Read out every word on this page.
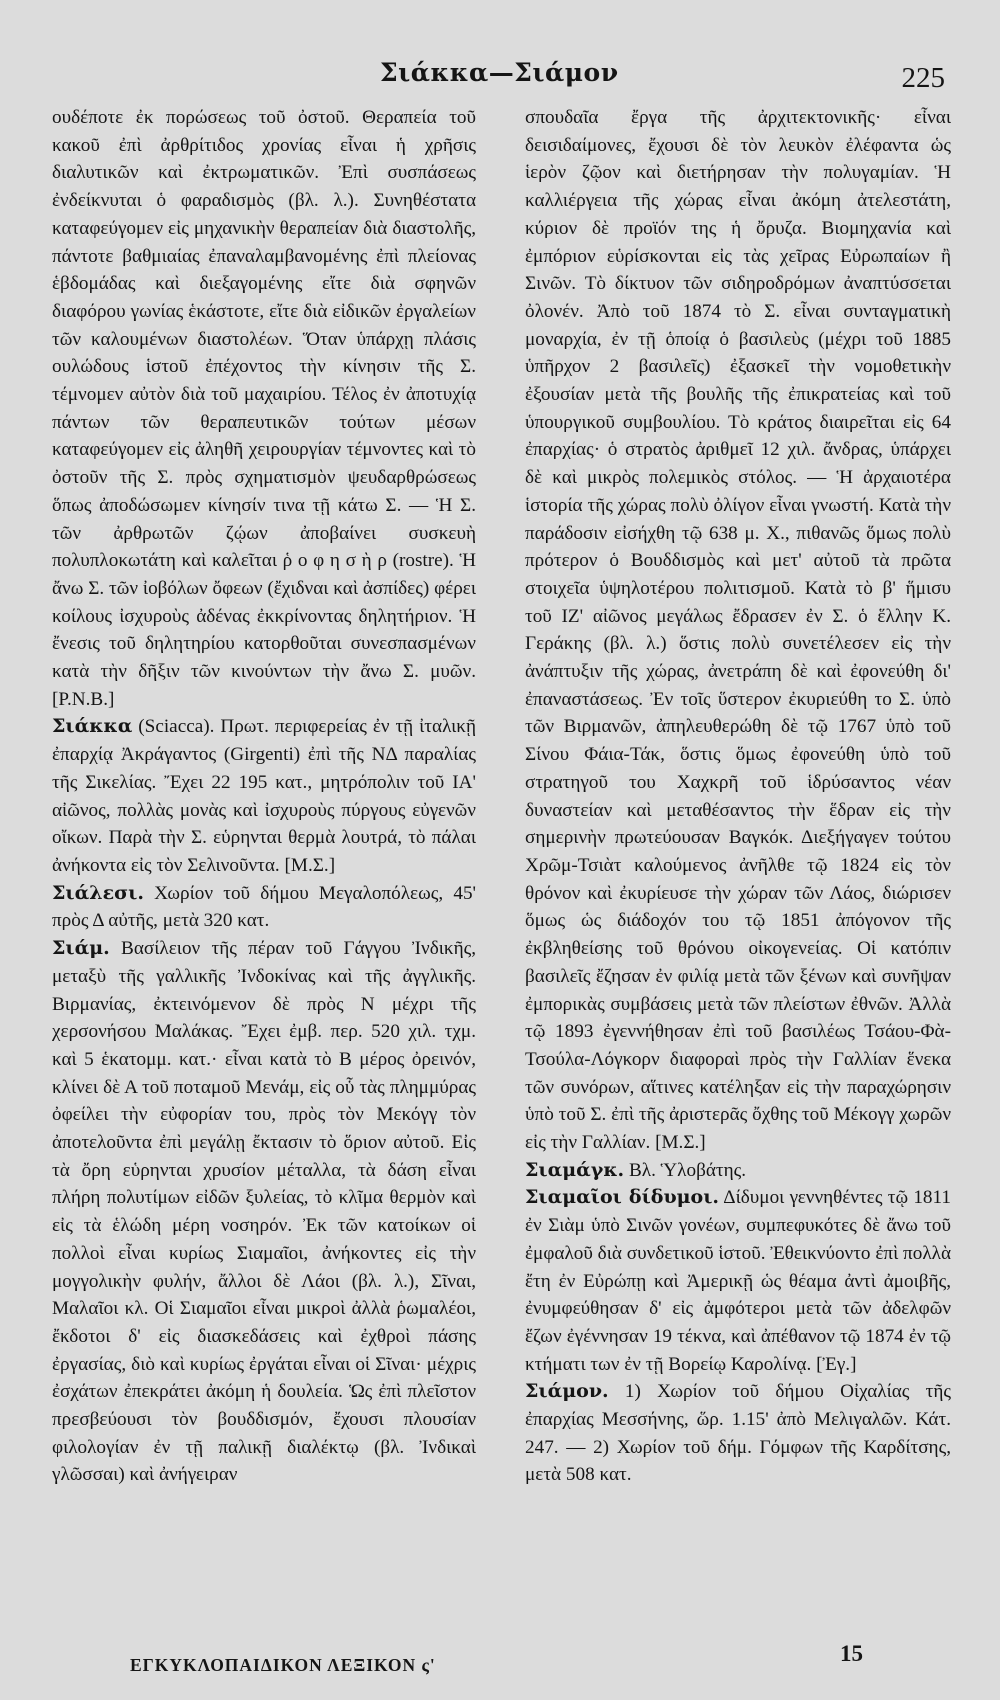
Σιάκκα—Σιάμον	225

ουδέποτε ἐκ πορώσεως τοῦ ὀστοῦ. Θεραπεία τοῦ κακοῦ ἐπὶ ἀρθρίτιδος χρονίας εἶναι ἡ χρῆσις διαλυτικῶν καὶ ἐκτρωματικῶν. Ἐπὶ συσπάσεως ἐνδείκνυται ὁ φαραδισμὸς (βλ. λ.). Συνηθέστατα καταφεύγομεν εἰς μηχανικὴν θεραπείαν διὰ διαστολῆς, πάντοτε βαθμιαίας ἐπαναλαμβανομένης ἐπὶ πλείονας ἑβδομάδας καὶ διεξαγομένης εἴτε διὰ σφηνῶν διαφόρου γωνίας ἑκάστοτε, εἴτε διὰ εἰδικῶν ἐργαλείων τῶν καλουμένων διαστολέων. Ὅταν ὑπάρχῃ πλάσις ουλώδους ἱστοῦ ἐπέχοντος τὴν κίνησιν τῆς Σ. τέμνομεν αὐτὸν διὰ τοῦ μαχαιρίου. Τέλος ἐν ἀποτυχίᾳ πάντων τῶν θεραπευτικῶν τούτων μέσων καταφεύγομεν εἰς ἀληθῆ χειρουργίαν τέμνοντες καὶ τὸ ὀστοῦν τῆς Σ. πρὸς σχηματισμὸν ψευδαρθρώσεως ὅπως ἀποδώσωμεν κίνησίν τινα τῇ κάτω Σ. — Ἡ Σ. τῶν ἀρθρωτῶν ζῴων ἀποβαίνει συσκευὴ πολυπλοκωτάτη καὶ καλεῖται ῥ ο φ η σ ὴ ρ (rostre). Ἡ ἄνω Σ. τῶν ἰοβόλων ὄφεων (ἔχιδναι καὶ ἀσπίδες) φέρει κοίλους ἰσχυροὺς ἀδένας ἐκκρίνοντας δηλητήριον. Ἡ ἔνεσις τοῦ δηλητηρίου κατορθοῦται συνεσπασμένων κατὰ τὴν δῆξιν τῶν κινούντων τὴν ἄνω Σ. μυῶν. [Ρ.Ν.Β.]

Σιάκκα (Sciacca). Πρωτ. περιφερείας ἐν τῇ ἰταλικῇ ἐπαρχίᾳ Ἀκράγαντος (Girgenti) ἐπὶ τῆς ΝΔ παραλίας τῆς Σικελίας. Ἔχει 22 195 κατ., μητρόπολιν τοῦ ΙΑ' αἰῶνος, πολλὰς μονὰς καὶ ἰσχυροὺς πύργους εὐγενῶν οἴκων. Παρὰ τὴν Σ. εὑρηνται θερμὰ λουτρά, τὸ πάλαι ἀνήκοντα εἰς τὸν Σελινοῦντα. [Μ.Σ.]

Σιάλεσι. Χωρίον τοῦ δήμου Μεγαλοπόλεως, 45' πρὸς Δ αὐτῆς, μετὰ 320 κατ.

Σιάμ. Βασίλειον τῆς πέραν τοῦ Γάγγου Ἰνδικῆς, μεταξὺ τῆς γαλλικῆς Ἰνδοκίνας καὶ τῆς ἀγγλικῆς. Βιρμανίας, ἐκτεινόμενον δὲ πρὸς Ν μέχρι τῆς χερσονήσου Μαλάκας. Ἔχει ἐμβ. περ. 520 χιλ. τχμ. καὶ 5 ἑκατομμ. κατ.· εἶναι κατὰ τὸ Β μέρος ὀρεινόν, κλίνει δὲ Α τοῦ ποταμοῦ Μενάμ, εἰς οὗ τὰς πλημμύρας ὀφείλει τὴν εὐφορίαν του, πρὸς τὸν Μεκόγγ τὸν ἀποτελοῦντα ἐπὶ μεγάλῃ ἔκτασιν τὸ ὅριον αὐτοῦ. Εἰς τὰ ὄρη εὑρηνται χρυσίον μέταλλα, τὰ δάση εἶναι πλήρη πολυτίμων εἰδῶν ξυλείας, τὸ κλῖμα θερμὸν καὶ εἰς τὰ ἑλώδη μέρη νοσηρόν. Ἐκ τῶν κατοίκων οἱ πολλοὶ εἶναι κυρίως Σιαμαῖοι, ἀνήκοντες εἰς τὴν μογγολικὴν φυλήν, ἄλλοι δὲ Λάοι (βλ. λ.), Σῖναι, Μαλαῖοι κλ. Οἱ Σιαμαῖοι εἶναι μικροὶ ἀλλὰ ῥωμαλέοι, ἔκδοτοι δ' εἰς διασκεδάσεις καὶ ἐχθροὶ πάσης ἐργασίας, διὸ καὶ κυρίως ἐργάται εἶναι οἱ Σῖναι· μέχρις ἐσχάτων ἐπεκράτει ἀκόμη ἡ δουλεία. Ὡς ἐπὶ πλεῖστον πρεσβεύουσι τὸν βουδδισμόν, ἔχουσι πλουσίαν φιλολογίαν ἐν τῇ παλικῇ διαλέκτῳ (βλ. Ἰνδικαὶ γλῶσσαι) καὶ ἀνήγειραν

σπουδαῖα ἔργα τῆς ἀρχιτεκτονικῆς· εἶναι δεισιδαίμονες, ἔχουσι δὲ τὸν λευκὸν ἐλέφαντα ὡς ἱερὸν ζῷον καὶ διετήρησαν τὴν πολυγαμίαν. Ἡ καλλιέργεια τῆς χώρας εἶναι ἀκόμη ἀτελεστάτη, κύριον δὲ προϊόν της ἡ ὄρυζα. Βιομηχανία καὶ ἐμπόριον εὑρίσκονται εἰς τὰς χεῖρας Εὐρωπαίων ἢ Σινῶν. Τὸ δίκτυον τῶν σιδηροδρόμων ἀναπτύσσεται ὀλονέν. Ἀπὸ τοῦ 1874 τὸ Σ. εἶναι συνταγματικὴ μοναρχία, ἐν τῇ ὁποίᾳ ὁ βασιλεὺς (μέχρι τοῦ 1885 ὑπῆρχον 2 βασιλεῖς) ἐξασκεῖ τὴν νομοθετικὴν ἐξουσίαν μετὰ τῆς βουλῆς τῆς ἐπικρατείας καὶ τοῦ ὑπουργικοῦ συμβουλίου. Τὸ κράτος διαιρεῖται εἰς 64 ἐπαρχίας· ὁ στρατὸς ἀριθμεῖ 12 χιλ. ἄνδρας, ὑπάρχει δὲ καὶ μικρὸς πολεμικὸς στόλος. — Ἡ ἀρχαιοτέρα ἱστορία τῆς χώρας πολὺ ὀλίγον εἶναι γνωστή. Κατὰ τὴν παράδοσιν εἰσήχθη τῷ 638 μ. Χ., πιθανῶς ὅμως πολὺ πρότερον ὁ Βουδδισμὸς καὶ μετ' αὐτοῦ τὰ πρῶτα στοιχεῖα ὑψηλοτέρου πολιτισμοῦ. Κατὰ τὸ β' ἥμισυ τοῦ ΙΖ' αἰῶνος μεγάλως ἔδρασεν ἐν Σ. ὁ ἕλλην Κ. Γεράκης (βλ. λ.) ὅστις πολὺ συνετέλεσεν εἰς τὴν ἀνάπτυξιν τῆς χώρας, ἀνετράπη δὲ καὶ ἐφονεύθη δι' ἐπαναστάσεως. Ἐν τοῖς ὕστερον ἐκυριεύθη το Σ. ὑπὸ τῶν Βιρμανῶν, ἀπηλευθερώθη δὲ τῷ 1767 ὑπὸ τοῦ Σίνου Φάια-Τάκ, ὅστις ὅμως ἐφονεύθη ὑπὸ τοῦ στρατηγοῦ του Χαχκρῆ τοῦ ἱδρύσαντος νέαν δυναστείαν καὶ μεταθέσαντος τὴν ἕδραν εἰς τὴν σημερινὴν πρωτεύουσαν Βαγκόκ. Διεξήγαγεν τούτου Χρῶμ-Τσιὰτ καλούμενος ἀνῆλθε τῷ 1824 εἰς τὸν θρόνον καὶ ἐκυρίευσε τὴν χώραν τῶν Λάος, διώρισεν ὅμως ὡς διάδοχόν του τῷ 1851 ἀπόγονον τῆς ἐκβληθείσης τοῦ θρόνου οἰκογενείας. Οἱ κατόπιν βασιλεῖς ἔζησαν ἐν φιλίᾳ μετὰ τῶν ξένων καὶ συνῆψαν ἐμπορικὰς συμβάσεις μετὰ τῶν πλείστων ἐθνῶν. Ἀλλὰ τῷ 1893 ἐγεννήθησαν ἐπὶ τοῦ βασιλέως Τσάου-Φὰ-Τσούλα-Λόγκορν διαφοραὶ πρὸς τὴν Γαλλίαν ἕνεκα τῶν συνόρων, αἵτινες κατέληξαν εἰς τὴν παραχώρησιν ὑπὸ τοῦ Σ. ἐπὶ τῆς ἀριστερᾶς ὄχθης τοῦ Μέκογγ χωρῶν εἰς τὴν Γαλλίαν. [Μ.Σ.]

Σιαμάγκ. Βλ. Ὑλοβάτης.

Σιαμαῖοι δίδυμοι. Δίδυμοι γεννηθέντες τῷ 1811 ἐν Σιὰμ ὑπὸ Σινῶν γονέων, συμπεφυκότες δὲ ἄνω τοῦ ἐμφαλοῦ διὰ συνδετικοῦ ἱστοῦ. Ἐθεικνύοντο ἐπὶ πολλὰ ἔτη ἐν Εὐρώπῃ καὶ Ἀμερικῇ ὡς θέαμα ἀντὶ ἀμοιβῆς, ἐνυμφεύθησαν δ' εἰς ἀμφότεροι μετὰ τῶν ἀδελφῶν ἔζων ἐγέννησαν 19 τέκνα, καὶ ἀπέθανον τῷ 1874 ἐν τῷ κτήματι των ἐν τῇ Βορείῳ Καρολίνᾳ. [Ἐγ.]

Σιάμον. 1) Χωρίον τοῦ δήμου Οἰχαλίας τῆς ἐπαρχίας Μεσσήνης, ὥρ. 1.15' ἀπὸ Μελιγαλῶν. Κάτ. 247. — 2) Χωρίον τοῦ δήμ. Γόμφων τῆς Καρδίτσης, μετὰ 508 κατ.

ΕΓΚΥΚΛΟΠΑΙΔΙΚΟΝ ΛΕΞΙΚΟΝ ς'	15
